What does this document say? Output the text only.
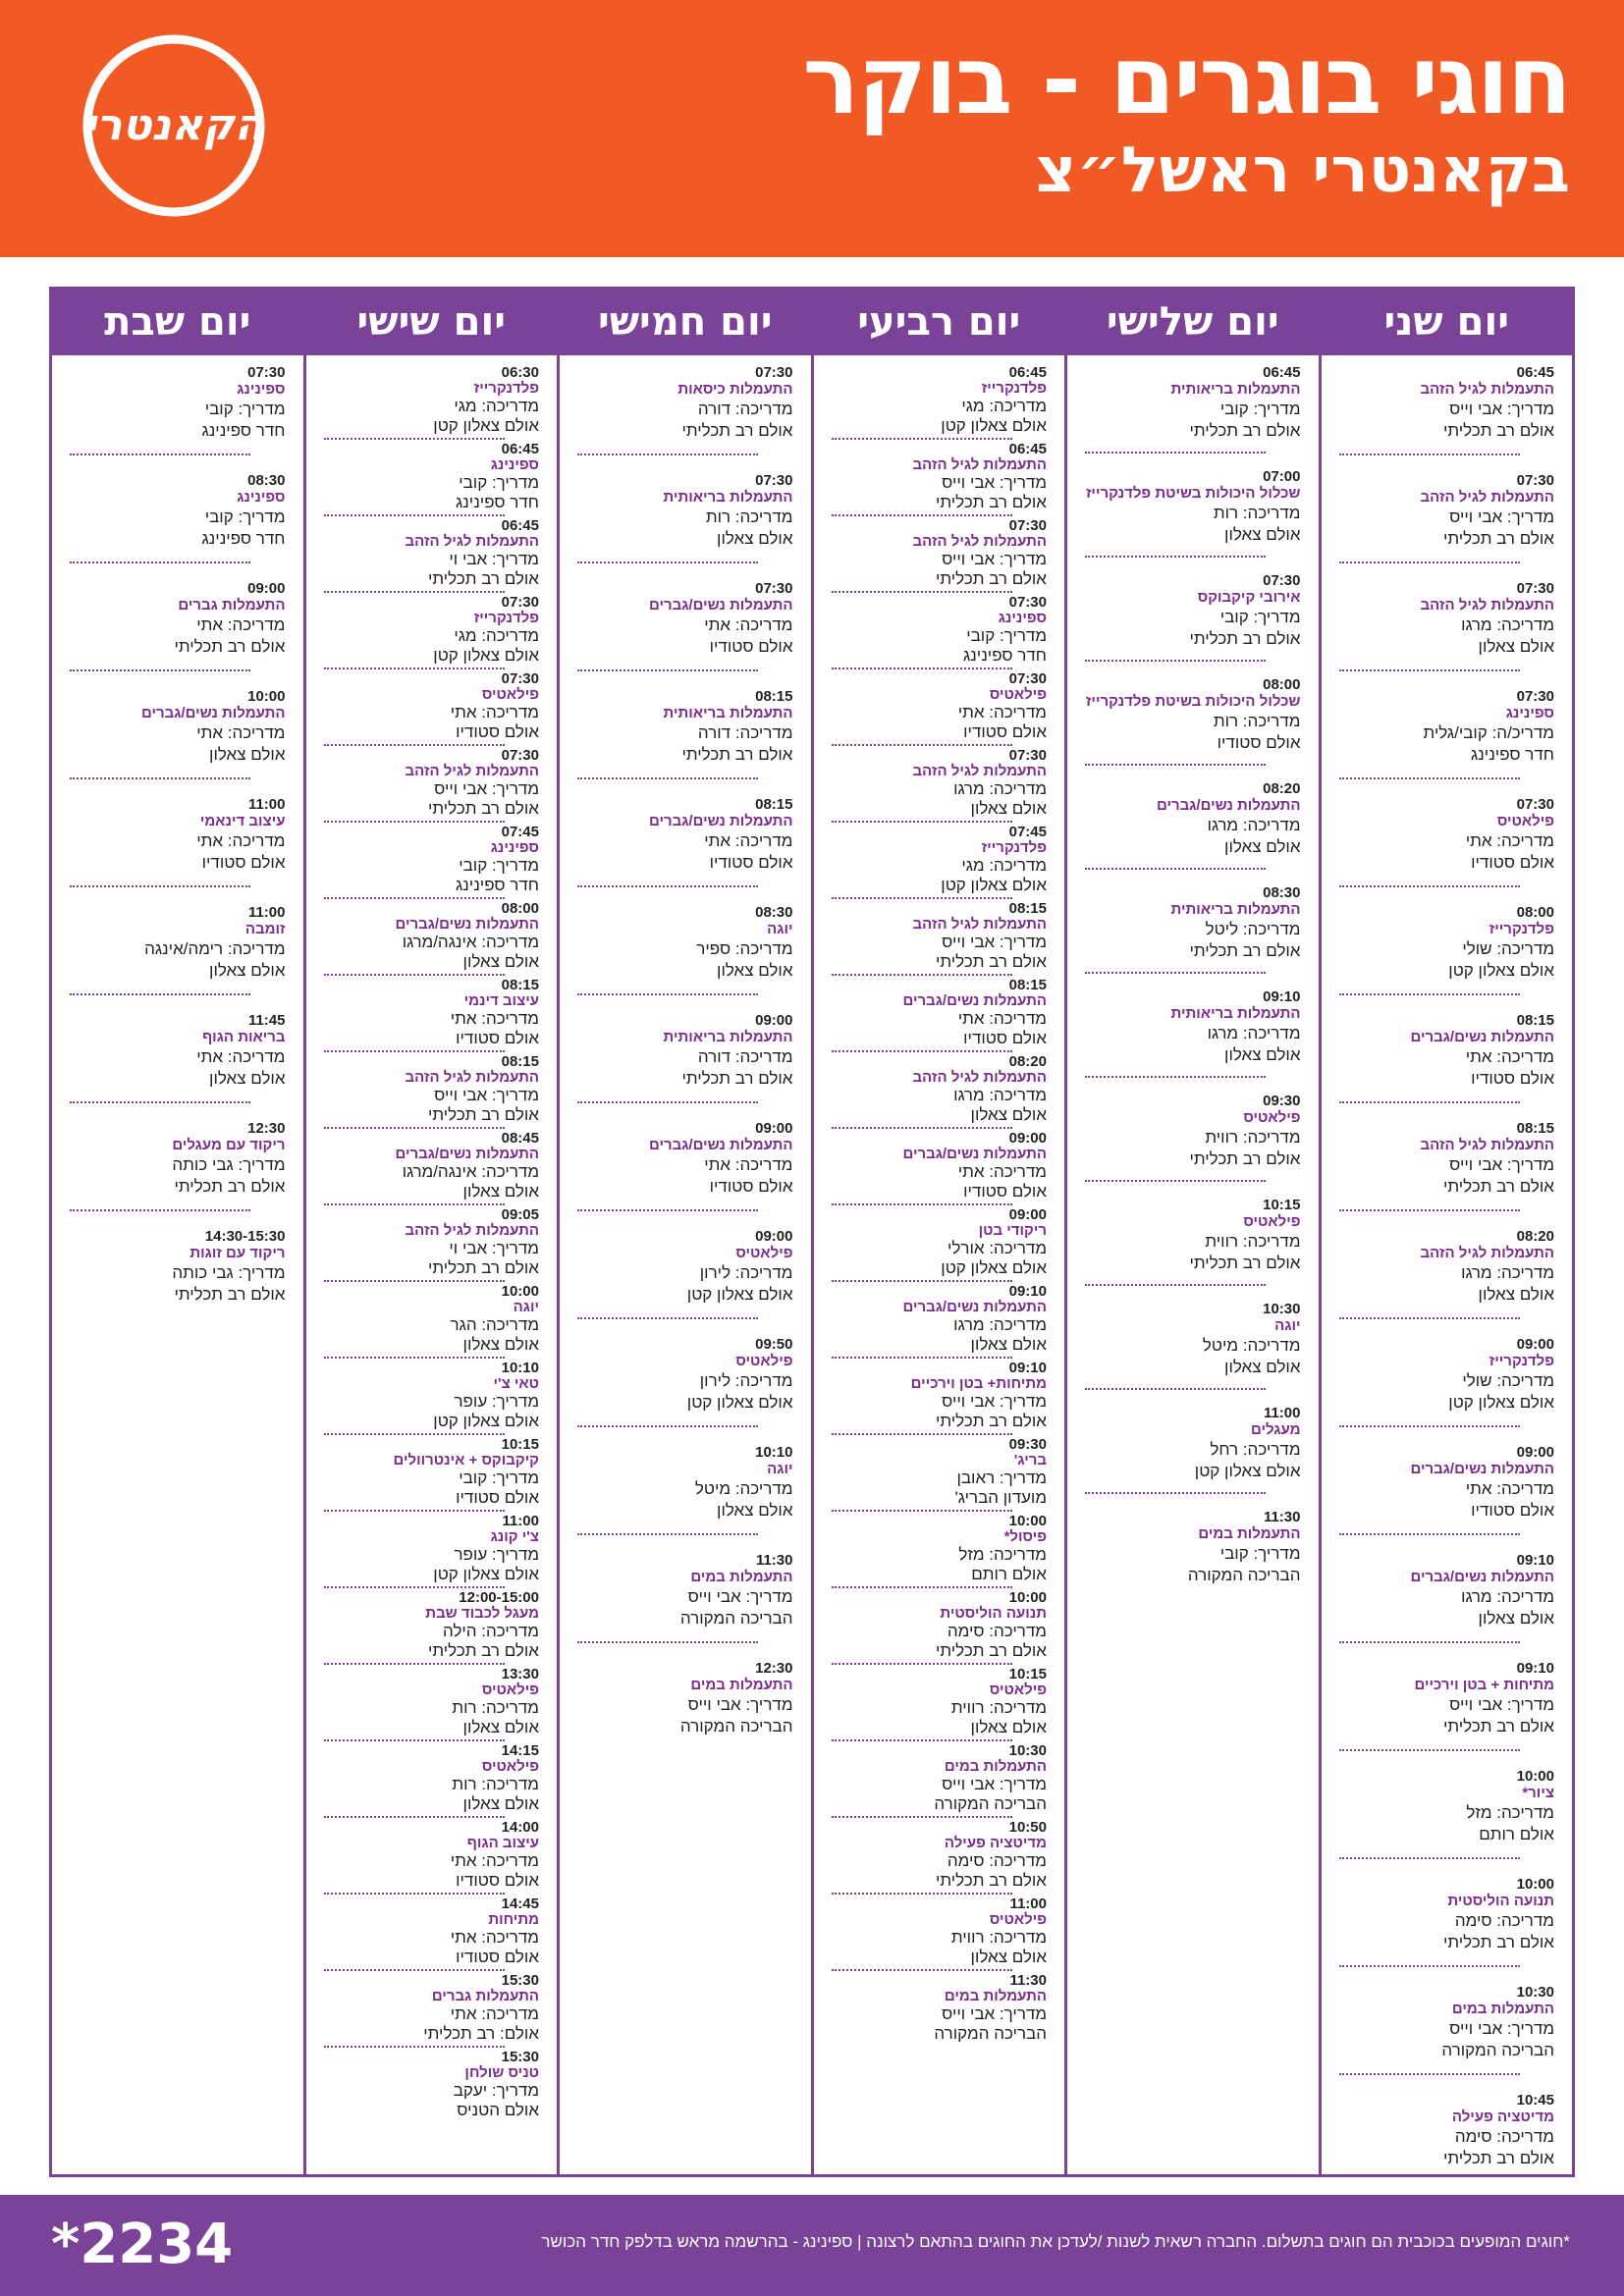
הקאנטרי	חוגי בוגרים - בוקר
בקאנטרי ראשל״צ
יום שני
06:45
התעמלות לגיל הזהב
מדריך: אבי וייס
אולם רב תכליתי
07:30
התעמלות לגיל הזהב
מדריך: אבי וייס
אולם רב תכליתי
07:30
התעמלות לגיל הזהב
מדריכה: מרגו
אולם צאלון
07:30
ספינינג
מדריכ/ה: קובי/גלית
חדר ספינינג
07:30
פילאטיס
מדריכה: אתי
אולם סטודיו
08:00
פלדנקרייז
מדריכה: שולי
אולם צאלון קטן
08:15
התעמלות נשים/גברים
מדריכה: אתי
אולם סטודיו
08:15
התעמלות לגיל הזהב
מדריך: אבי וייס
אולם רב תכליתי
08:20
התעמלות לגיל הזהב
מדריכה: מרגו
אולם צאלון
09:00
פלדנקרייז
מדריכה: שולי
אולם צאלון קטן
09:00
התעמלות נשים/גברים
מדריכה: אתי
אולם סטודיו
09:10
התעמלות נשים/גברים
מדריכה: מרגו
אולם צאלון
09:10
מתיחות + בטן וירכיים
מדריך: אבי וייס
אולם רב תכליתי
10:00
ציור*
מדריכה: מזל
אולם רותם
10:00
תנועה הוליסטית
מדריכה: סימה
אולם רב תכליתי
10:30
התעמלות במים
מדריך: אבי וייס
הבריכה המקורה
10:45
מדיטציה פעילה
מדריכה: סימה
אולם רב תכליתי
יום שלישי
06:45
התעמלות בריאותית
מדריך: קובי
אולם רב תכליתי
07:00
שכלול היכולות בשיטת פלדנקרייז
מדריכה: רות
אולם צאלון
07:30
אירובי קיקבוקס
מדריך: קובי
אולם רב תכליתי
08:00
שכלול היכולות בשיטת פלדנקרייז
מדריכה: רות
אולם סטודיו
08:20
התעמלות נשים/גברים
מדריכה: מרגו
אולם צאלון
08:30
התעמלות בריאותית
מדריכה: ליטל
אולם רב תכליתי
09:10
התעמלות בריאותית
מדריכה: מרגו
אולם צאלון
09:30
פילאטיס
מדריכה: רווית
אולם רב תכליתי
10:15
פילאטיס
מדריכה: רווית
אולם רב תכליתי
10:30
יוגה
מדריכה: מיטל
אולם צאלון
11:00
מעגלים
מדריכה: רחל
אולם צאלון קטן
11:30
התעמלות במים
מדריך: קובי
הבריכה המקורה
יום רביעי
06:45
פלדנקרייז
מדריכה: מגי
אולם צאלון קטן
06:45
התעמלות לגיל הזהב
מדריך: אבי וייס
אולם רב תכליתי
07:30
התעמלות לגיל הזהב
מדריך: אבי וייס
אולם רב תכליתי
07:30
ספינינג
מדריך: קובי
חדר ספינינג
07:30
פילאטיס
מדריכה: אתי
אולם סטודיו
07:30
התעמלות לגיל הזהב
מדריכה: מרגו
אולם צאלון
07:45
פלדנקרייז
מדריכה: מגי
אולם צאלון קטן
08:15
התעמלות לגיל הזהב
מדריך: אבי וייס
אולם רב תכליתי
08:15
התעמלות נשים/גברים
מדריכה: אתי
אולם סטודיו
08:20
התעמלות לגיל הזהב
מדריכה: מרגו
אולם צאלון
09:00
התעמלות נשים/גברים
מדריכה: אתי
אולם סטודיו
09:00
ריקודי בטן
מדריכה: אורלי
אולם צאלון קטן
09:10
התעמלות נשים/גברים
מדריכה: מרגו
אולם צאלון
09:10
מתיחות+ בטן וירכיים
מדריך: אבי וייס
אולם רב תכליתי
09:30
בריג'
מדריך: ראובן
מועדון הבריג'
10:00
פיסול*
מדריכה: מזל
אולם רותם
10:00
תנועה הוליסטית
מדריכה: סימה
אולם רב תכליתי
10:15
פילאטיס
מדריכה: רווית
אולם צאלון
10:30
התעמלות במים
מדריך: אבי וייס
הבריכה המקורה
10:50
מדיטציה פעילה
מדריכה: סימה
אולם רב תכליתי
11:00
פילאטיס
מדריכה: רווית
אולם צאלון
11:30
התעמלות במים
מדריך: אבי וייס
הבריכה המקורה
יום חמישי
07:30
התעמלות כיסאות
מדריכה: דורה
אולם רב תכליתי
07:30
התעמלות בריאותית
מדריכה: רות
אולם צאלון
07:30
התעמלות נשים/גברים
מדריכה: אתי
אולם סטודיו
08:15
התעמלות בריאותית
מדריכה: דורה
אולם רב תכליתי
08:15
התעמלות נשים/גברים
מדריכה: אתי
אולם סטודיו
08:30
יוגה
מדריכה: ספיר
אולם צאלון
09:00
התעמלות בריאותית
מדריכה: דורה
אולם רב תכליתי
09:00
התעמלות נשים/גברים
מדריכה: אתי
אולם סטודיו
09:00
פילאטיס
מדריכה: לירון
אולם צאלון קטן
09:50
פילאטיס
מדריכה: לירון
אולם צאלון קטן
10:10
יוגה
מדריכה: מיטל
אולם צאלון
11:30
התעמלות במים
מדריך: אבי וייס
הבריכה המקורה
12:30
התעמלות במים
מדריך: אבי וייס
הבריכה המקורה
יום שישי
06:30
פלדנקרייז
מדריכה: מגי
אולם צאלון קטן
06:45
ספינינג
מדריך: קובי
חדר ספינינג
06:45
התעמלות לגיל הזהב
מדריך: אבי וי
אולם רב תכליתי
07:30
פלדנקרייז
מדריכה: מגי
אולם צאלון קטן
07:30
פילאטיס
מדריכה: אתי
אולם סטודיו
07:30
התעמלות לגיל הזהב
מדריך: אבי וייס
אולם רב תכליתי
07:45
ספינינג
מדריך: קובי
חדר ספינינג
08:00
התעמלות נשים/גברים
מדריכה: אינגה/מרגו
אולם צאלון
08:15
עיצוב דינמי
מדריכה: אתי
אולם סטודיו
08:15
התעמלות לגיל הזהב
מדריך: אבי וייס
אולם רב תכליתי
08:45
התעמלות נשים/גברים
מדריכה: אינגה/מרגו
אולם צאלון
09:05
התעמלות לגיל הזהב
מדריך: אבי וי
אולם רב תכליתי
10:00
יוגה
מדריכה: הגר
אולם צאלון
10:10
טאי צ'י
מדריך: עופר
אולם צאלון קטן
10:15
קיקבוקס + אינטרוולים
מדריך: קובי
אולם סטודיו
11:00
צ'י קונג
מדריך: עופר
אולם צאלון קטן
12:00-15:00
מעגל לכבוד שבת
מדריכה: הילה
אולם רב תכליתי
13:30
פילאטיס
מדריכה: רות
אולם צאלון
14:15
פילאטיס
מדריכה: רות
אולם צאלון
14:00
עיצוב הגוף
מדריכה: אתי
אולם סטודיו
14:45
מתיחות
מדריכה: אתי
אולם סטודיו
15:30
התעמלות גברים
מדריכה: אתי
אולם: רב תכליתי
15:30
טניס שולחן
מדריך: יעקב
אולם הטניס
יום שבת
07:30
ספינינג
מדריך: קובי
חדר ספינינג
08:30
ספינינג
מדריך: קובי
חדר ספינינג
09:00
התעמלות גברים
מדריכה: אתי
אולם רב תכליתי
10:00
התעמלות נשים/גברים
מדריכה: אתי
אולם צאלון
11:00
עיצוב דינאמי
מדריכה: אתי
אולם סטודיו
11:00
זומבה
מדריכה: רימה/אינגה
אולם צאלון
11:45
בריאות הגוף
מדריכה: אתי
אולם צאלון
12:30
ריקוד עם מעגלים
מדריך: גבי כותה
אולם רב תכליתי
14:30-15:30
ריקוד עם זוגות
מדריך: גבי כותה
אולם רב תכליתי
*2234	*חוגים המופעים בכוכבית הם חוגים בתשלום. החברה רשאית לשנות /לעדכן את החוגים בהתאם לרצונה | ספינינג - בהרשמה מראש בדלפק חדר הכושר
